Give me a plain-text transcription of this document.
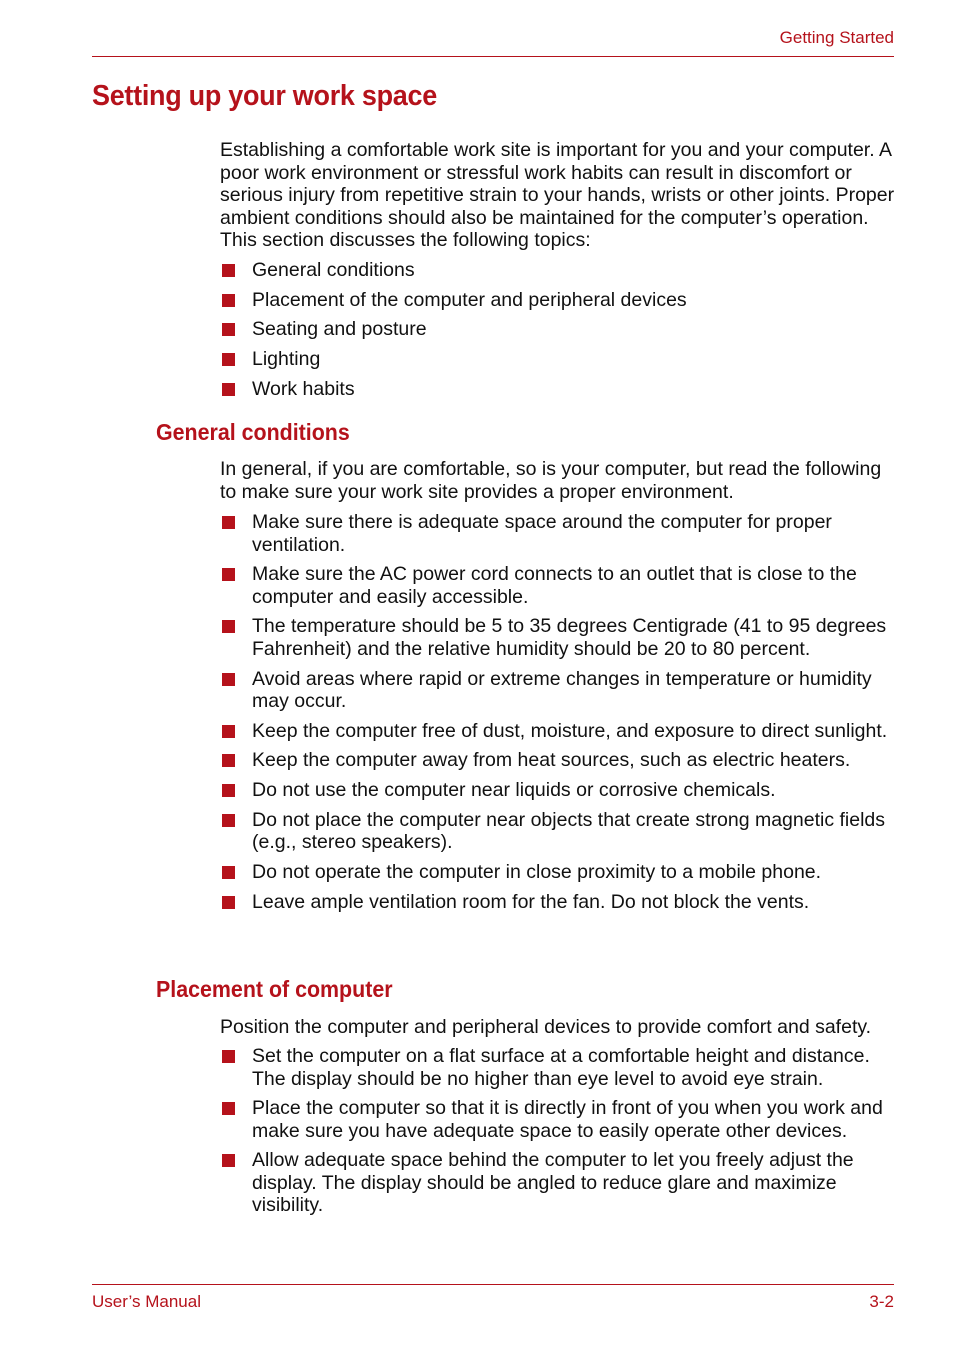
Getting Started
Setting up your work space

Establishing a comfortable work site is important for you and your computer. A poor work environment or stressful work habits can result in discomfort or serious injury from repetitive strain to your hands, wrists or other joints. Proper ambient conditions should also be maintained for the computer’s operation. This section discusses the following topics:

General conditions
Placement of the computer and peripheral devices
Seating and posture
Lighting
Work habits
General conditions

In general, if you are comfortable, so is your computer, but read the following to make sure your work site provides a proper environment.

Make sure there is adequate space around the computer for proper ventilation.
Make sure the AC power cord connects to an outlet that is close to the computer and easily accessible.
The temperature should be 5 to 35 degrees Centigrade (41 to 95 degrees Fahrenheit) and the relative humidity should be 20 to 80 percent.
Avoid areas where rapid or extreme changes in temperature or humidity may occur.
Keep the computer free of dust, moisture, and exposure to direct sunlight.
Keep the computer away from heat sources, such as electric heaters.
Do not use the computer near liquids or corrosive chemicals.
Do not place the computer near objects that create strong magnetic fields (e.g., stereo speakers).
Do not operate the computer in close proximity to a mobile phone.
Leave ample ventilation room for the fan. Do not block the vents.
Placement of computer

Position the computer and peripheral devices to provide comfort and safety.

Set the computer on a flat surface at a comfortable height and distance. The display should be no higher than eye level to avoid eye strain.
Place the computer so that it is directly in front of you when you work and make sure you have adequate space to easily operate other devices.
Allow adequate space behind the computer to let you freely adjust the display. The display should be angled to reduce glare and maximize visibility.
User’s Manual	3-2
